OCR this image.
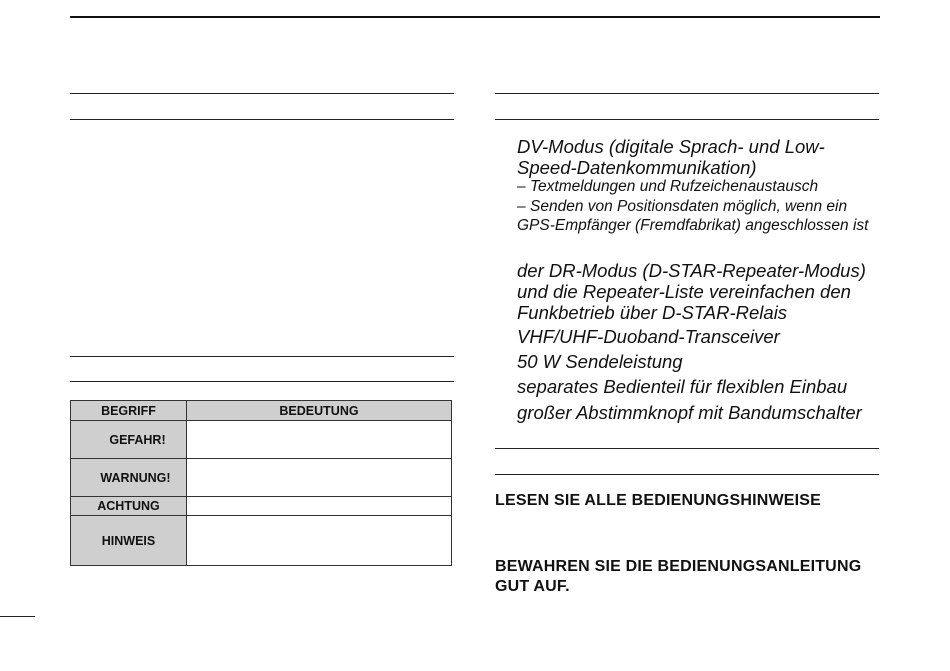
BEGRIFF	BEDEUTUNG
GEFAHR!	
WARNUNG!	
ACHTUNG	
HINWEIS	

DV-Modus (digitale Sprach- und Low-Speed-Datenkommunikation)

– Textmeldungen und Rufzeichenaustausch

– Senden von Positionsdaten möglich, wenn ein GPS-Empfänger (Fremdfabrikat) angeschlossen ist

der DR-Modus (D-STAR-Repeater-Modus) und die Repeater-Liste vereinfachen den Funkbetrieb über D-STAR-Relais

VHF/UHF-Duoband-Transceiver

50 W Sendeleistung

separates Bedienteil für flexiblen Einbau

großer Abstimmknopf mit Bandumschalter

LESEN SIE ALLE BEDIENUNGSHINWEISE

BEWAHREN SIE DIE BEDIENUNGSANLEITUNG GUT AUF.
